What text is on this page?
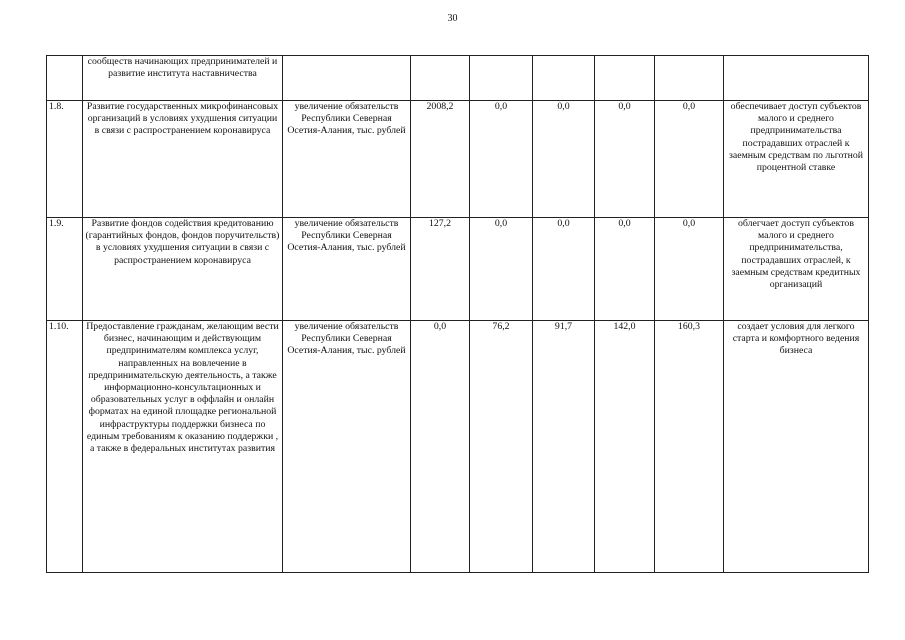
30
	сообществ начинающих предпринимателей и развитие института наставничества							
1.8.	Развитие государственных микрофинансовых организаций в условиях ухудшения ситуации в связи с распространением коронавируса	увеличение обязательств Республики Северная Осетия-Алания, тыс. рублей	2008,2	0,0	0,0	0,0	0,0	обеспечивает доступ субъектов малого и среднего предпринимательства пострадавших отраслей к заемным средствам по льготной процентной ставке
1.9.	Развитие фондов содействия кредитованию (гарантийных фондов, фондов поручительств) в условиях ухудшения ситуации в связи с распространением коронавируса	увеличение обязательств Республики Северная Осетия-Алания, тыс. рублей	127,2	0,0	0,0	0,0	0,0	облегчает доступ субъектов малого и среднего предпринимательства, пострадавших отраслей, к заемным средствам кредитных организаций
1.10.	Предоставление гражданам, желающим вести бизнес, начинающим и действующим предпринимателям комплекса услуг, направленных на вовлечение в предпринимательскую деятельность, а также информационно-консультационных и образовательных услуг в оффлайн и онлайн форматах на единой площадке региональной инфраструктуры поддержки бизнеса по единым требованиям к оказанию поддержки , а также в федеральных институтах развития	увеличение обязательств Республики Северная Осетия-Алания, тыс. рублей	0,0	76,2	91,7	142,0	160,3	создает условия для легкого старта и комфортного ведения бизнеса
